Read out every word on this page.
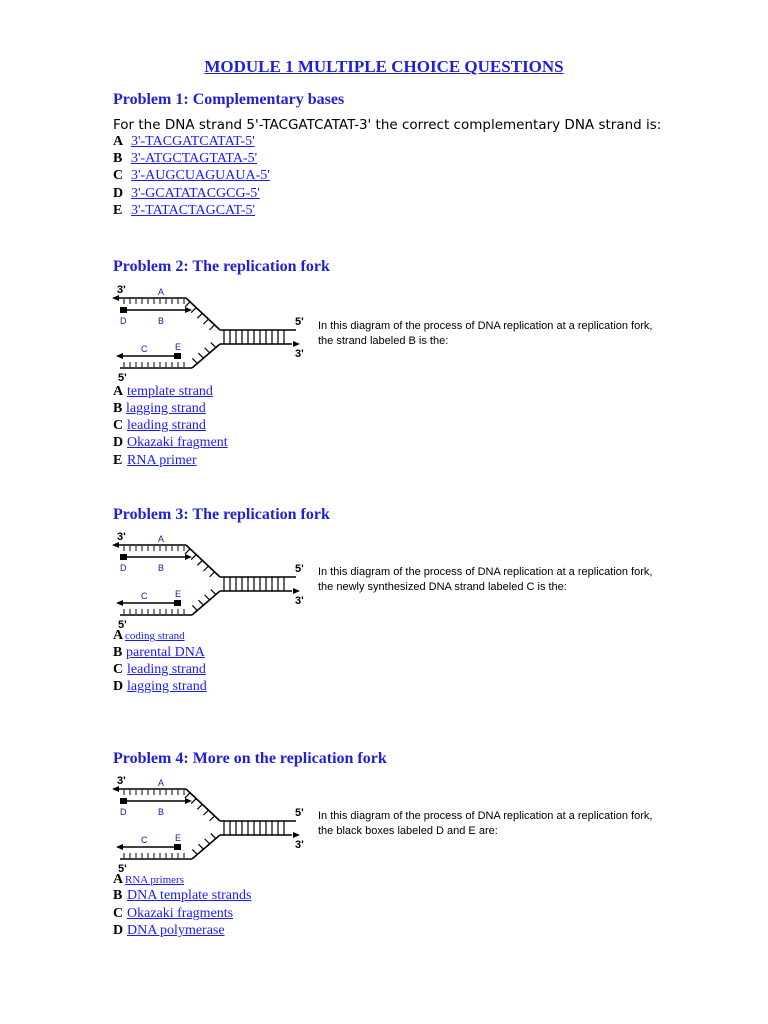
MODULE 1 MULTIPLE CHOICE QUESTIONS
Problem 1: Complementary bases
For the DNA strand 5'-TACGATCATAT-3' the correct complementary DNA strand is:
A 3'-TACGATCATAT-5'
B 3'-ATGCTAGTATA-5'
C 3'-AUGCUAGUAUA-5'
D 3'-GCATATACGCG-5'
E 3'-TATACTAGCAT-5'
Problem 2: The replication fork
3'	A
D	B
C	E
5'
3'
5'
In this diagram of the process of DNA replication at a replication fork, the strand labeled B is the:
A template strand
B lagging strand
C leading strand
D Okazaki fragment
E RNA primer
Problem 3: The replication fork
3'	A
D	B
C	E
5'
3'
5'
In this diagram of the process of DNA replication at a replication fork, the newly synthesized DNA strand labeled C is the:
A coding strand
B parental DNA
C leading strand
D lagging strand
Problem 4: More on the replication fork
3'	A
D	B
C	E
5'
3'
5'
In this diagram of the process of DNA replication at a replication fork, the black boxes labeled D and E are:
A RNA primers
B DNA template strands
C Okazaki fragments
D DNA polymerase
